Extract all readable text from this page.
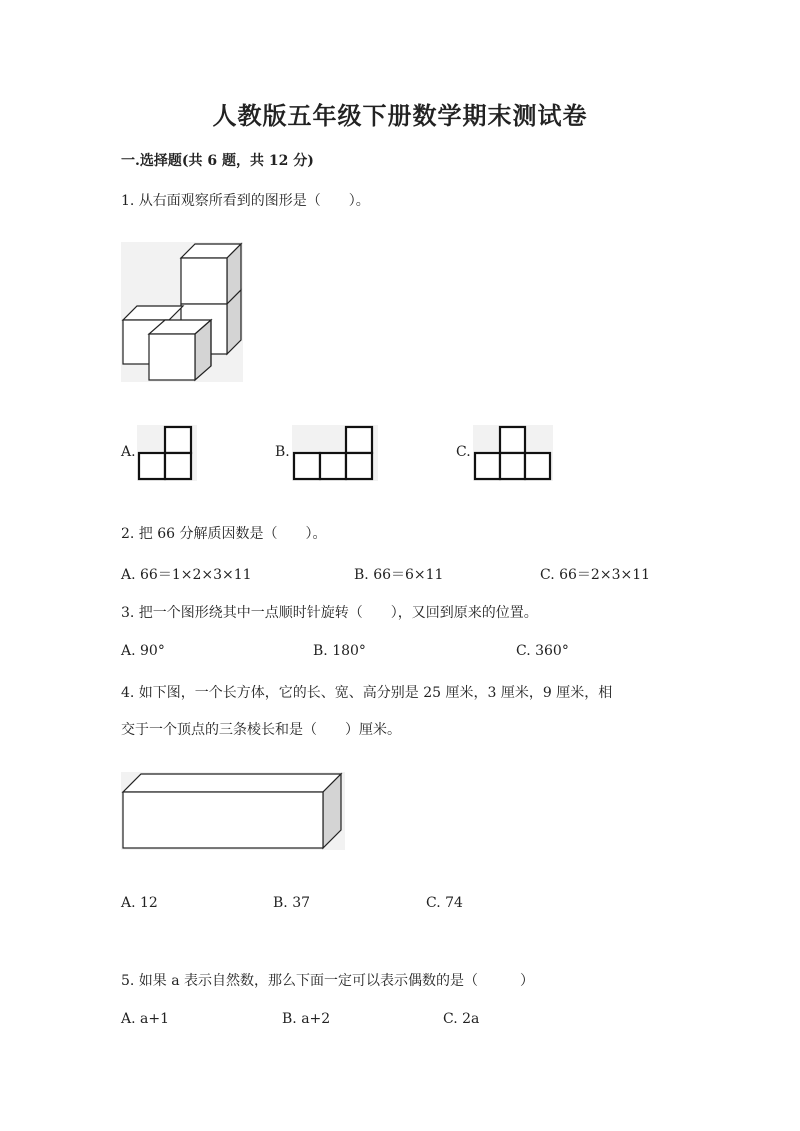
人教版五年级下册数学期末测试卷
一.选择题(共 6 题，共 12 分)
1. 从右面观察所看到的图形是（　　）。
A.	B.	C.
2. 把 66 分解质因数是（　　）。
A. 66＝1×2×3×11	B. 66＝6×11	C. 66＝2×3×11
3. 把一个图形绕其中一点顺时针旋转（　　），又回到原来的位置。
A. 90°	B. 180°	C. 360°
4. 如下图，一个长方体，它的长、宽、高分别是 25 厘米，3 厘米，9 厘米，相
交于一个顶点的三条棱长和是（　　）厘米。
A. 12	B. 37	C. 74
5. 如果 a 表示自然数，那么下面一定可以表示偶数的是（　　　）
A. a+1	B. a+2	C. 2a
